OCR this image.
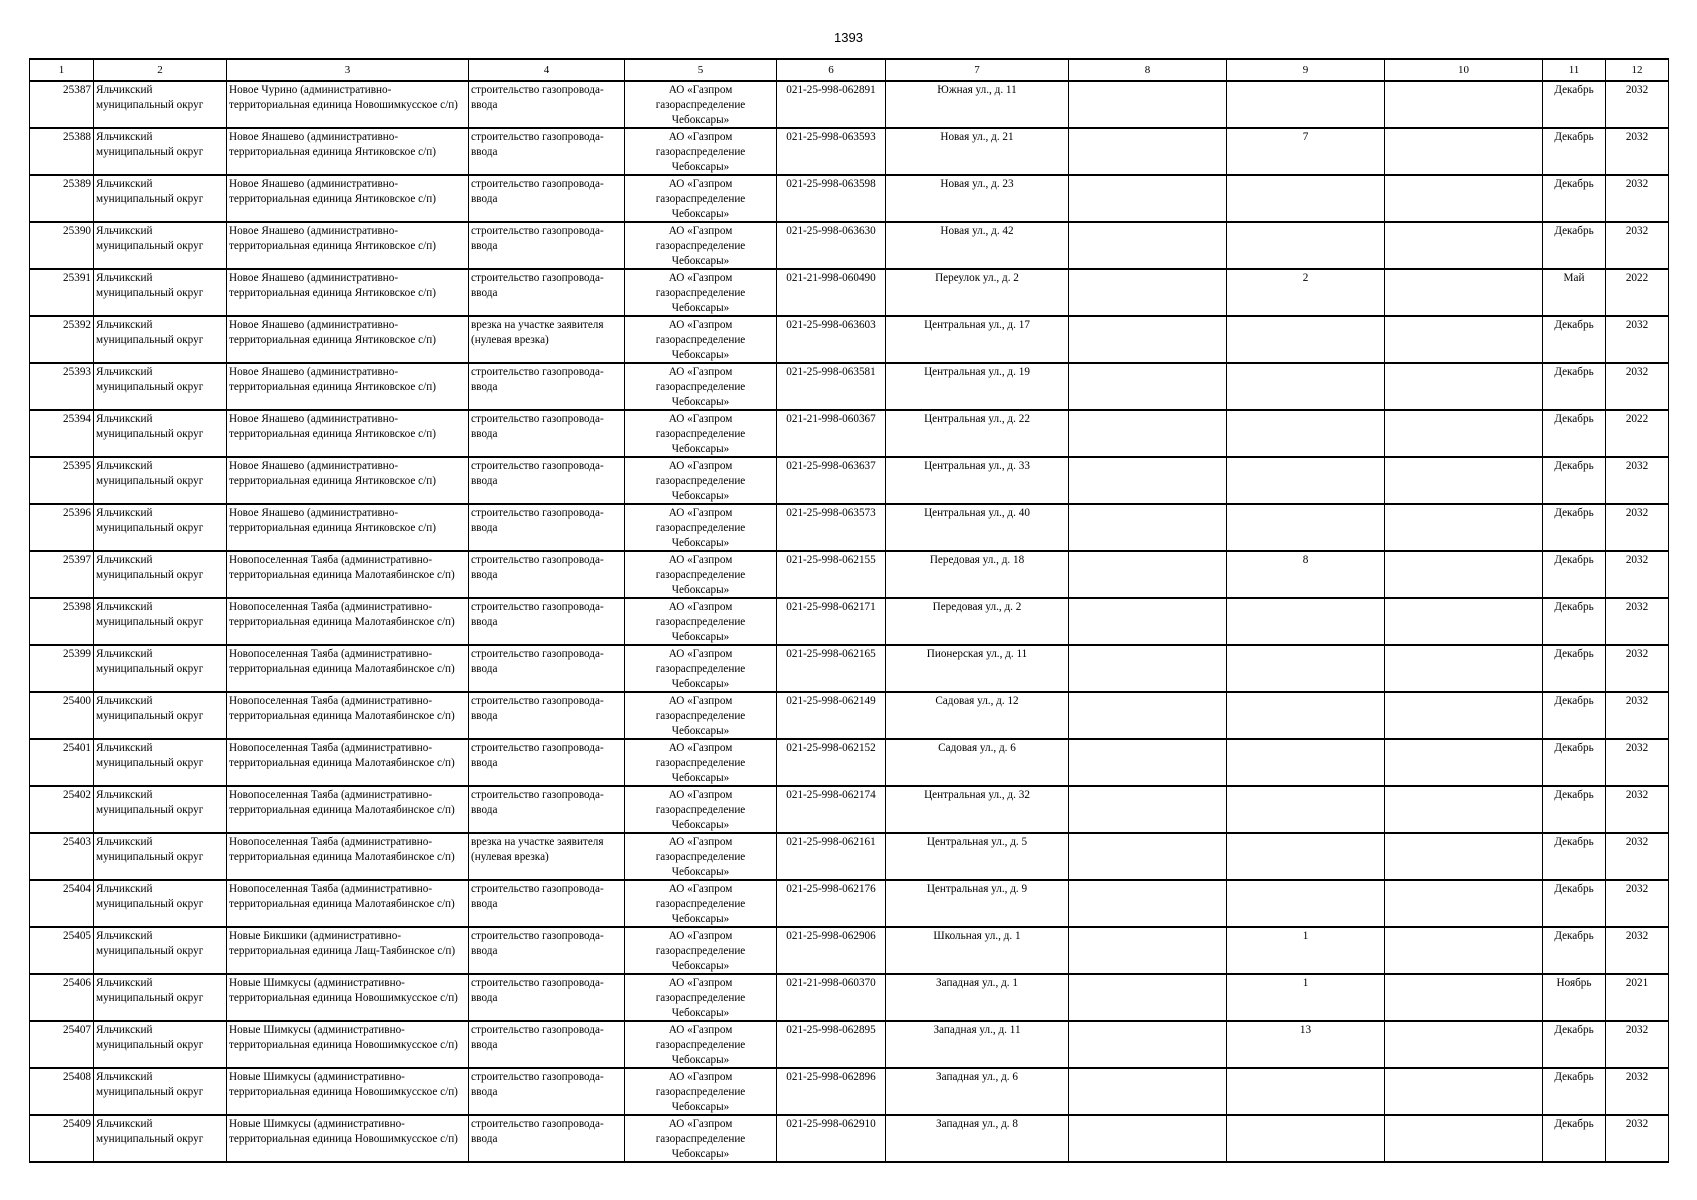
1393
1	2	3	4	5	6	7	8	9	10	11	12

25387	Яльчикский муниципальный округ	Новое Чурино (административно-территориальная единица Новошимкусское с/п)	строительство газопровода-ввода	АО «Газпром газораспределение Чебоксары»	021-25-998-062891	Южная ул., д. 11				Декабрь	2032

25388	Яльчикский муниципальный округ	Новое Янашево (административно-территориальная единица Янтиковское с/п)	строительство газопровода-ввода	АО «Газпром газораспределение Чебоксары»	021-25-998-063593	Новая ул., д. 21		7		Декабрь	2032

25389	Яльчикский муниципальный округ	Новое Янашево (административно-территориальная единица Янтиковское с/п)	строительство газопровода-ввода	АО «Газпром газораспределение Чебоксары»	021-25-998-063598	Новая ул., д. 23				Декабрь	2032

25390	Яльчикский муниципальный округ	Новое Янашево (административно-территориальная единица Янтиковское с/п)	строительство газопровода-ввода	АО «Газпром газораспределение Чебоксары»	021-25-998-063630	Новая ул., д. 42				Декабрь	2032

25391	Яльчикский муниципальный округ	Новое Янашево (административно-территориальная единица Янтиковское с/п)	строительство газопровода-ввода	АО «Газпром газораспределение Чебоксары»	021-21-998-060490	Переулок ул., д. 2		2		Май	2022

25392	Яльчикский муниципальный округ	Новое Янашево (административно-территориальная единица Янтиковское с/п)	врезка на участке заявителя (нулевая врезка)	АО «Газпром газораспределение Чебоксары»	021-25-998-063603	Центральная ул., д. 17				Декабрь	2032

25393	Яльчикский муниципальный округ	Новое Янашево (административно-территориальная единица Янтиковское с/п)	строительство газопровода-ввода	АО «Газпром газораспределение Чебоксары»	021-25-998-063581	Центральная ул., д. 19				Декабрь	2032

25394	Яльчикский муниципальный округ	Новое Янашево (административно-территориальная единица Янтиковское с/п)	строительство газопровода-ввода	АО «Газпром газораспределение Чебоксары»	021-21-998-060367	Центральная ул., д. 22				Декабрь	2022

25395	Яльчикский муниципальный округ	Новое Янашево (административно-территориальная единица Янтиковское с/п)	строительство газопровода-ввода	АО «Газпром газораспределение Чебоксары»	021-25-998-063637	Центральная ул., д. 33				Декабрь	2032

25396	Яльчикский муниципальный округ	Новое Янашево (административно-территориальная единица Янтиковское с/п)	строительство газопровода-ввода	АО «Газпром газораспределение Чебоксары»	021-25-998-063573	Центральная ул., д. 40				Декабрь	2032

25397	Яльчикский муниципальный округ	Новопоселенная Таяба (административно-территориальная единица Малотаябинское с/п)	строительство газопровода-ввода	АО «Газпром газораспределение Чебоксары»	021-25-998-062155	Передовая ул., д. 18		8		Декабрь	2032

25398	Яльчикский муниципальный округ	Новопоселенная Таяба (административно-территориальная единица Малотаябинское с/п)	строительство газопровода-ввода	АО «Газпром газораспределение Чебоксары»	021-25-998-062171	Передовая ул., д. 2				Декабрь	2032

25399	Яльчикский муниципальный округ	Новопоселенная Таяба (административно-территориальная единица Малотаябинское с/п)	строительство газопровода-ввода	АО «Газпром газораспределение Чебоксары»	021-25-998-062165	Пионерская ул., д. 11				Декабрь	2032

25400	Яльчикский муниципальный округ	Новопоселенная Таяба (административно-территориальная единица Малотаябинское с/п)	строительство газопровода-ввода	АО «Газпром газораспределение Чебоксары»	021-25-998-062149	Садовая ул., д. 12				Декабрь	2032

25401	Яльчикский муниципальный округ	Новопоселенная Таяба (административно-территориальная единица Малотаябинское с/п)	строительство газопровода-ввода	АО «Газпром газораспределение Чебоксары»	021-25-998-062152	Садовая ул., д. 6				Декабрь	2032

25402	Яльчикский муниципальный округ	Новопоселенная Таяба (административно-территориальная единица Малотаябинское с/п)	строительство газопровода-ввода	АО «Газпром газораспределение Чебоксары»	021-25-998-062174	Центральная ул., д. 32				Декабрь	2032

25403	Яльчикский муниципальный округ	Новопоселенная Таяба (административно-территориальная единица Малотаябинское с/п)	врезка на участке заявителя (нулевая врезка)	АО «Газпром газораспределение Чебоксары»	021-25-998-062161	Центральная ул., д. 5				Декабрь	2032

25404	Яльчикский муниципальный округ	Новопоселенная Таяба (административно-территориальная единица Малотаябинское с/п)	строительство газопровода-ввода	АО «Газпром газораспределение Чебоксары»	021-25-998-062176	Центральная ул., д. 9				Декабрь	2032

25405	Яльчикский муниципальный округ	Новые Бикшики (административно-территориальная единица Лащ-Таябинское с/п)	строительство газопровода-ввода	АО «Газпром газораспределение Чебоксары»	021-25-998-062906	Школьная ул., д. 1		1		Декабрь	2032

25406	Яльчикский муниципальный округ	Новые Шимкусы (административно-территориальная единица Новошимкусское с/п)	строительство газопровода-ввода	АО «Газпром газораспределение Чебоксары»	021-21-998-060370	Западная ул., д. 1		1		Ноябрь	2021

25407	Яльчикский муниципальный округ	Новые Шимкусы (административно-территориальная единица Новошимкусское с/п)	строительство газопровода-ввода	АО «Газпром газораспределение Чебоксары»	021-25-998-062895	Западная ул., д. 11		13		Декабрь	2032

25408	Яльчикский муниципальный округ	Новые Шимкусы (административно-территориальная единица Новошимкусское с/п)	строительство газопровода-ввода	АО «Газпром газораспределение Чебоксары»	021-25-998-062896	Западная ул., д. 6				Декабрь	2032

25409	Яльчикский муниципальный округ	Новые Шимкусы (административно-территориальная единица Новошимкусское с/п)	строительство газопровода-ввода	АО «Газпром газораспределение Чебоксары»	021-25-998-062910	Западная ул., д. 8				Декабрь	2032
